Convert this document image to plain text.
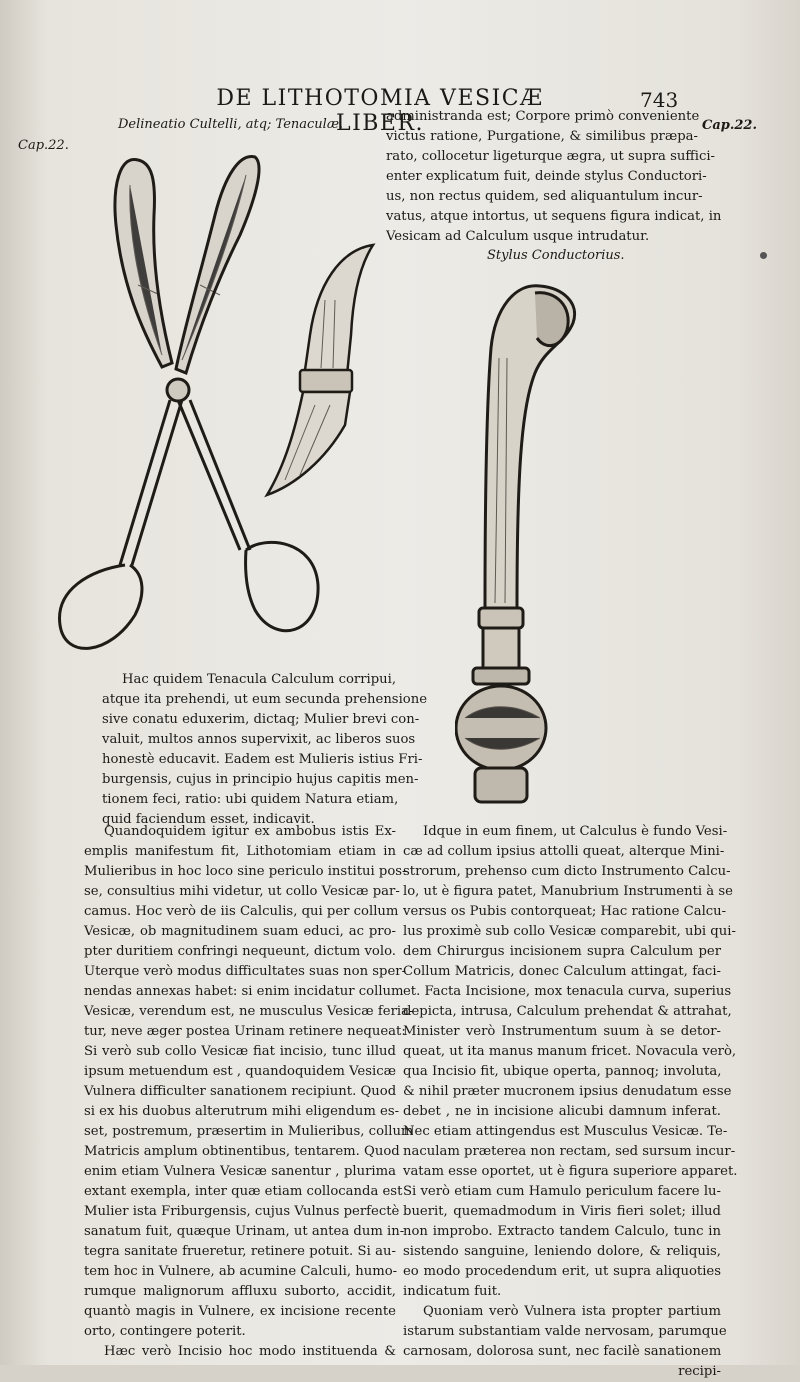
DE LITHOTOMIA VESICÆ LIBER.
743
Cap.22.
Cap.22.
Delineatio Cultelli, atq; Tenaculæ.
Stylus Conductorius.
administranda est; Corpore primò conveniente
victus ratione, Purgatione, & similibus præpa-
rato, collocetur ligeturque ægra, ut supra suffici-
enter explicatum fuit, deinde stylus Conductori-
us, non rectus quidem, sed aliquantulum incur-
vatus, atque intortus, ut sequens figura indicat, in
Vesicam ad Calculum usque intrudatur.
Hac quidem Tenacula Calculum corripui,
atque ita prehendi, ut eum secunda prehensione
sive conatu eduxerim, dictaq; Mulier brevi con-
valuit, multos annos supervixit, ac liberos suos
honestè educavit. Eadem est Mulieris istius Fri-
burgensis, cujus in principio hujus capitis men-
tionem feci, ratio: ubi quidem Natura etiam,
quid faciendum esset, indicavit.
Quandoquidem igitur ex ambobus istis Ex-
emplis manifestum fit, Lithotomiam etiam in
Mulieribus in hoc loco sine periculo institui pos-
se, consultius mihi videtur, ut collo Vesicæ par-
camus. Hoc verò de iis Calculis, qui per collum
Vesicæ, ob magnitudinem suam educi, ac pro-
pter duritiem confringi nequeunt, dictum volo.
Uterque verò modus difficultates suas non sper-
nendas annexas habet: si enim incidatur collum
Vesicæ, verendum est, ne musculus Vesicæ feria-
tur, neve æger postea Urinam retinere nequeat:
Si verò sub collo Vesicæ fiat incisio, tunc illud
ipsum metuendum est , quandoquidem Vesicæ
Vulnera difficulter sanationem recipiunt. Quod
si ex his duobus alterutrum mihi eligendum es-
set, postremum, præsertim in Mulieribus, collum
Matricis amplum obtinentibus, tentarem. Quod
enim etiam Vulnera Vesicæ sanentur , plurima
extant exempla, inter quæ etiam collocanda est
Mulier ista Friburgensis, cujus Vulnus perfectè
sanatum fuit, quæque Urinam, ut antea dum in-
tegra sanitate frueretur, retinere potuit. Si au-
tem hoc in Vulnere, ab acumine Calculi, humo-
rumque malignorum affluxu suborto, accidit,
quantò magis in Vulnere, ex incisione recente
orto, contingere poterit.
Hæc verò Incisio hoc modo instituenda &
Idque in eum finem, ut Calculus è fundo Vesi-
cæ ad collum ipsius attolli queat, alterque Mini-
strorum, prehenso cum dicto Instrumento Calcu-
lo, ut è figura patet, Manubrium Instrumenti à se
versus os Pubis contorqueat; Hac ratione Calcu-
lus proximè sub collo Vesicæ comparebit, ubi qui-
dem Chirurgus incisionem supra Calculum per
Collum Matricis, donec Calculum attingat, faci-
et. Facta Incisione, mox tenacula curva, superius
depicta, intrusa, Calculum prehendat & attrahat,
Minister verò Instrumentum suum à se detor-
queat, ut ita manus manum fricet. Novacula verò,
qua Incisio fit, ubique operta, pannoq; involuta,
& nihil præter mucronem ipsius denudatum esse
debet , ne in incisione alicubi damnum inferat.
Nec etiam attingendus est Musculus Vesicæ. Te-
naculam præterea non rectam, sed sursum incur-
vatam esse oportet, ut è figura superiore apparet.
Si verò etiam cum Hamulo periculum facere lu-
buerit, quemadmodum in Viris fieri solet; illud
non improbo. Extracto tandem Calculo, tunc in
sistendo sanguine, leniendo dolore, & reliquis,
eo modo procedendum erit, ut supra aliquoties
indicatum fuit.
Quoniam verò Vulnera ista propter partium
istarum substantiam valde nervosam, parumque
carnosam, dolorosa sunt, nec facilè sanationem
recipi-
